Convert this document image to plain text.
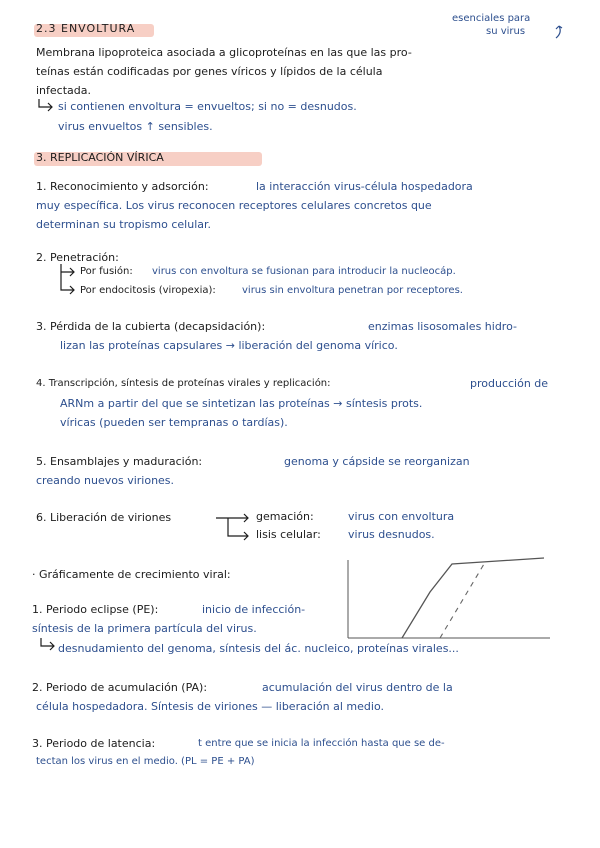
esenciales para
su virus
2.3 ENVOLTURA
Membrana lipoproteica asociada a glicoproteínas en las que las pro-
teínas están codificadas por genes víricos y lípidos de la célula
infectada.
si contienen envoltura = envueltos; si no = desnudos.
virus envueltos ↑ sensibles.
3. REPLICACIÓN VÍRICA
1. Reconocimiento y adsorción:	la interacción virus-célula hospedadora
muy específica. Los virus reconocen receptores celulares concretos que
determinan su tropismo celular.
2. Penetración:
Por fusión: virus con envoltura se fusionan para introducir la nucleocáp.
Por endocitosis (viropexia):	virus sin envoltura penetran por receptores.
3. Pérdida de la cubierta (decapsidación):	enzimas lisosomales hidro-
lizan las proteínas capsulares → liberación del genoma vírico.
4. Transcripción, síntesis de proteínas virales y replicación:	producción de
ARNm a partir del que se sintetizan las proteínas → síntesis prots.
víricas (pueden ser tempranas o tardías).
5. Ensamblajes y maduración:	genoma y cápside se reorganizan
creando nuevos viriones.
6. Liberación de viriones	gemación:	virus con envoltura
lisis celular: virus desnudos.
· Gráficamente de crecimiento viral:
1. Periodo eclipse (PE):	inicio de infección-
síntesis de la primera partícula del virus.
desnudamiento del genoma, síntesis del ác. nucleico, proteínas virales...
2. Periodo de acumulación (PA):	acumulación del virus dentro de la
célula hospedadora. Síntesis de viriones — liberación al medio.
3. Periodo de latencia:	t entre que se inicia la infección hasta que se de-
tectan los virus en el medio. (PL = PE + PA)
